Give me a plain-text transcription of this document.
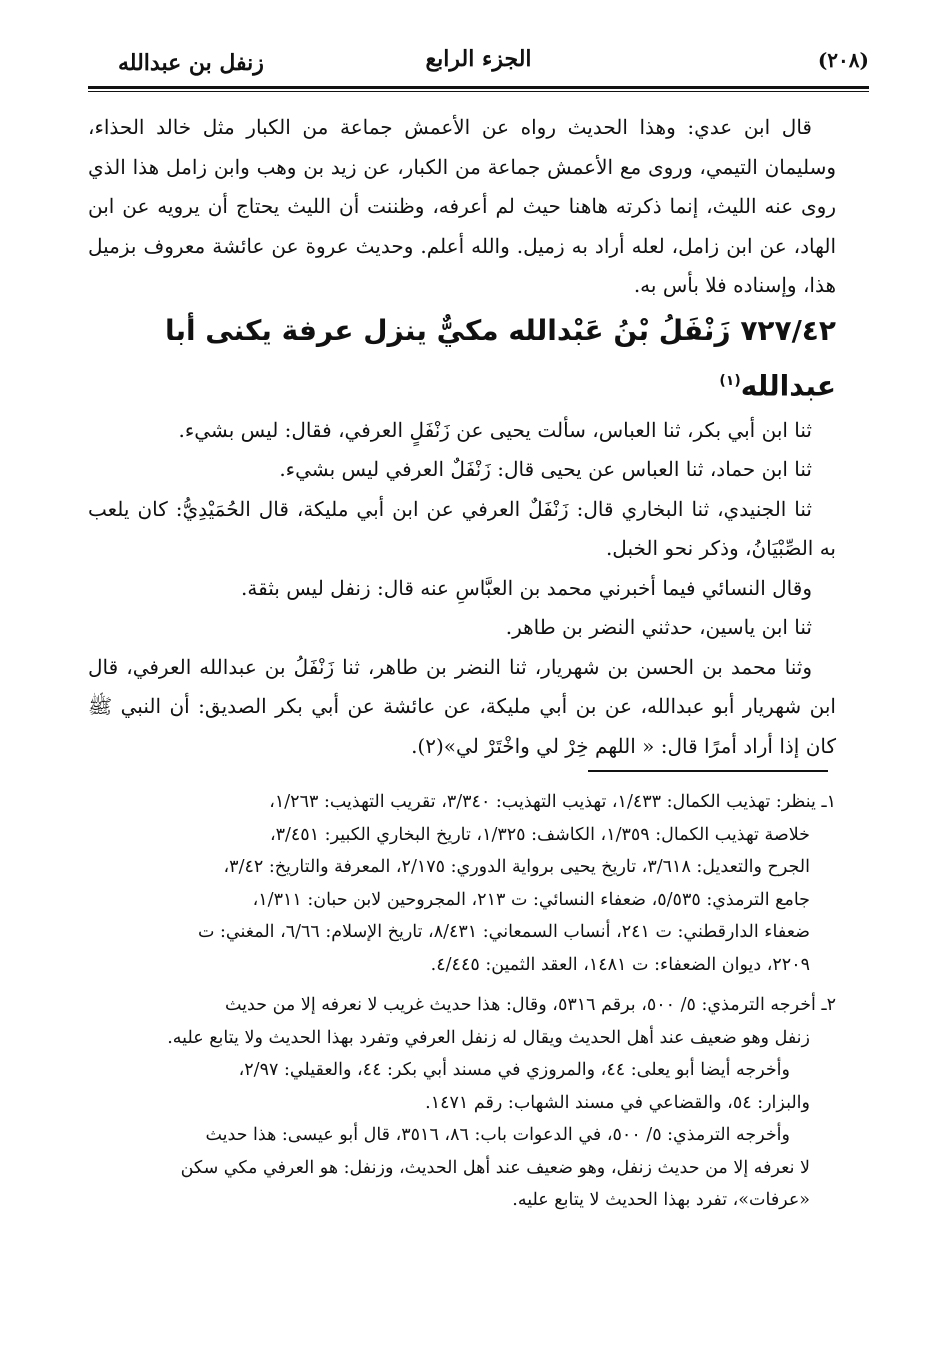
زنفل بن عبدالله	الجزء الرابع	(٢٠٨)

قال ابن عدي: وهذا الحديث رواه عن الأعمش جماعة من الكبار مثل خالد الحذاء، وسليمان التيمي، وروى مع الأعمش جماعة من الكبار، عن زيد بن وهب وابن زامل هذا الذي روى عنه الليث، إنما ذكرته هاهنا حيث لم أعرفه، وظننت أن الليث يحتاج أن يرويه عن ابن الهاد، عن ابن زامل، لعله أراد به زميل. والله أعلم. وحديث عروة عن عائشة معروف بزميل هذا، وإسناده فلا بأس به.

٧٢٧/٤٢ زَنْفَلُ بْنُ عَبْدالله مكيٌّ ينزل عرفة يكنى أبا عبدالله$^{(١)}$

ثنا ابن أبي بكر، ثنا العباس، سألت يحيى عن زَنْفَلٍ العرفي، فقال: ليس بشيء.

ثنا ابن حماد، ثنا العباس عن يحيى قال: زَنْفَلٌ العرفي ليس بشيء.

ثنا الجنيدي، ثنا البخاري قال: زَنْفَلٌ العرفي عن ابن أبي مليكة، قال الحُمَيْدِيُّ: كان يلعب به الصِّبْيَانُ، وذكر نحو الخبل.

وقال النسائي فيما أخبرني محمد بن العبَّاسِ عنه قال: زنفل ليس بثقة.

ثنا ابن ياسين، حدثني النضر بن طاهر.

وثنا محمد بن الحسن بن شهريار، ثنا النضر بن طاهر، ثنا زَنْفَلُ بن عبدالله العرفي، قال ابن شهريار أبو عبدالله، عن بن أبي مليكة، عن عائشة عن أبي بكر الصديق: أن النبي ﷺ كان إذا أراد أمرًا قال: « اللهم خِرْ لي واخْتَرْ لي»(٢).

١ـ ينظر: تهذيب الكمال: ١/٤٣٣، تهذيب التهذيب: ٣/٣٤٠، تقريب التهذيب: ١/٢٦٣،

خلاصة تهذيب الكمال: ١/٣٥٩، الكاشف: ١/٣٢٥، تاريخ البخاري الكبير: ٣/٤٥١،

الجرح والتعديل: ٣/٦١٨، تاريخ يحيى برواية الدوري: ٢/١٧٥، المعرفة والتاريخ: ٣/٤٢،

جامع الترمذي: ٥/٥٣٥، ضعفاء النسائي: ت ٢١٣، المجروحين لابن حبان: ١/٣١١،

ضعفاء الدارقطني: ت ٢٤١، أنساب السمعاني: ٨/٤٣١، تاريخ الإسلام: ٦/٦٦، المغني: ت

٢٢٠٩، ديوان الضعفاء: ت ١٤٨١، العقد الثمين: ٤/٤٤٥.

٢ـ أخرجه الترمذي: ٥/ ٥٠٠، برقم ٥٣١٦، وقال: هذا حديث غريب لا نعرفه إلا من حديث

زنفل وهو ضعيف عند أهل الحديث ويقال له زنفل العرفي وتفرد بهذا الحديث ولا يتابع عليه.

وأخرجه أيضا أبو يعلى: ٤٤، والمروزي في مسند أبي بكر: ٤٤، والعقيلي: ٢/٩٧،

والبزار: ٥٤، والقضاعي في مسند الشهاب: رقم ١٤٧١.

وأخرجه الترمذي: ٥/ ٥٠٠، في الدعوات باب: ٨٦، ٣٥١٦، قال أبو عيسى: هذا حديث

لا نعرفه إلا من حديث زنفل، وهو ضعيف عند أهل الحديث، وزنفل: هو العرفي مكي سكن

«عرفات»، تفرد بهذا الحديث لا يتابع عليه.
